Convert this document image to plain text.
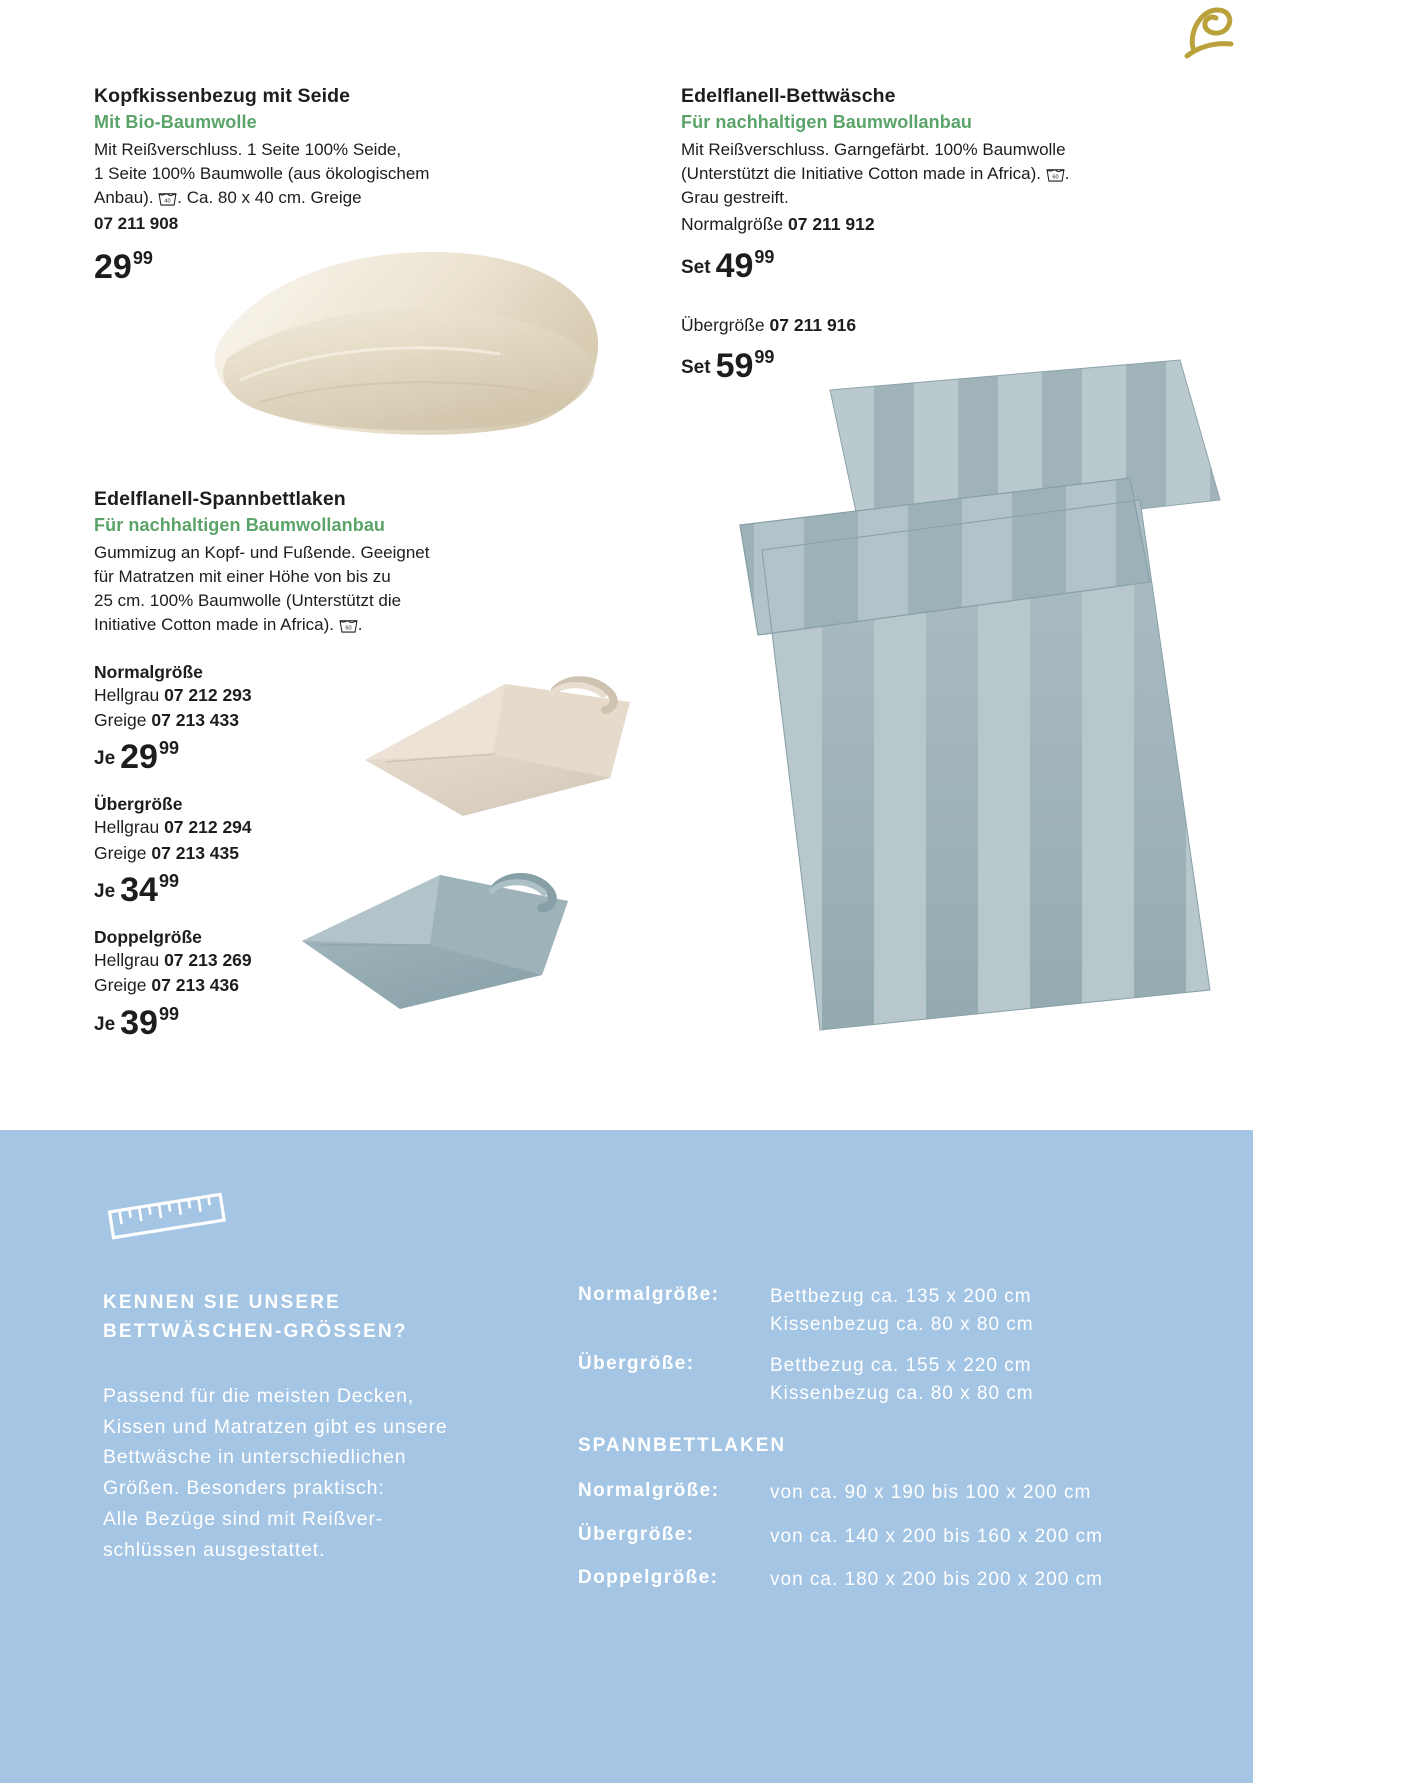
Kopfkissenbezug mit Seide
Mit Bio-Baumwolle

Mit Reißverschluss. 1 Seite 100% Seide,
1 Seite 100% Baumwolle (aus ökologischem
Anbau). 40 . Ca. 80 x 40 cm. Greige

07 211 908

$29^{99}$
Edelflanell-Spannbettlaken
Für nachhaltigen Baumwollanbau

Gummizug an Kopf- und Fußende. Geeignet
für Matratzen mit einer Höhe von bis zu
25 cm. 100% Baumwolle (Unterstützt die
Initiative Cotton made in Africa). 60 .

Normalgröße

Hellgrau 07 212 293

Greige 07 213 433

Je $29^{99}$

Übergröße

Hellgrau 07 212 294

Greige 07 213 435

Je $34^{99}$

Doppelgröße

Hellgrau 07 213 269

Greige 07 213 436

Je $39^{99}$
Edelflanell-Bettwäsche
Für nachhaltigen Baumwollanbau

Mit Reißverschluss. Garngefärbt. 100% Baumwolle
(Unterstützt die Initiative Cotton made in Africa). 60 .
Grau gestreift.

Normalgröße 07 211 912

Set $49^{99}$

Übergröße 07 211 916

Set $59^{99}$
KENNEN SIE UNSERE
BETTWÄSCHEN-GRÖSSEN?

Passend für die meisten Decken,
Kissen und Matratzen gibt es unsere
Bettwäsche in unterschiedlichen
Größen. Besonders praktisch:
Alle Bezüge sind mit Reißver-
schlüssen ausgestattet.

Normalgröße:	Bettbezug ca. 135 x 200 cm
Kissenbezug ca. 80 x 80 cm
Übergröße:	Bettbezug ca. 155 x 220 cm
Kissenbezug ca. 80 x 80 cm
SPANNBETTLAKEN
Normalgröße:	von ca. 90 x 190 bis 100 x 200 cm
Übergröße:	von ca. 140 x 200 bis 160 x 200 cm
Doppelgröße:	von ca. 180 x 200 bis 200 x 200 cm
